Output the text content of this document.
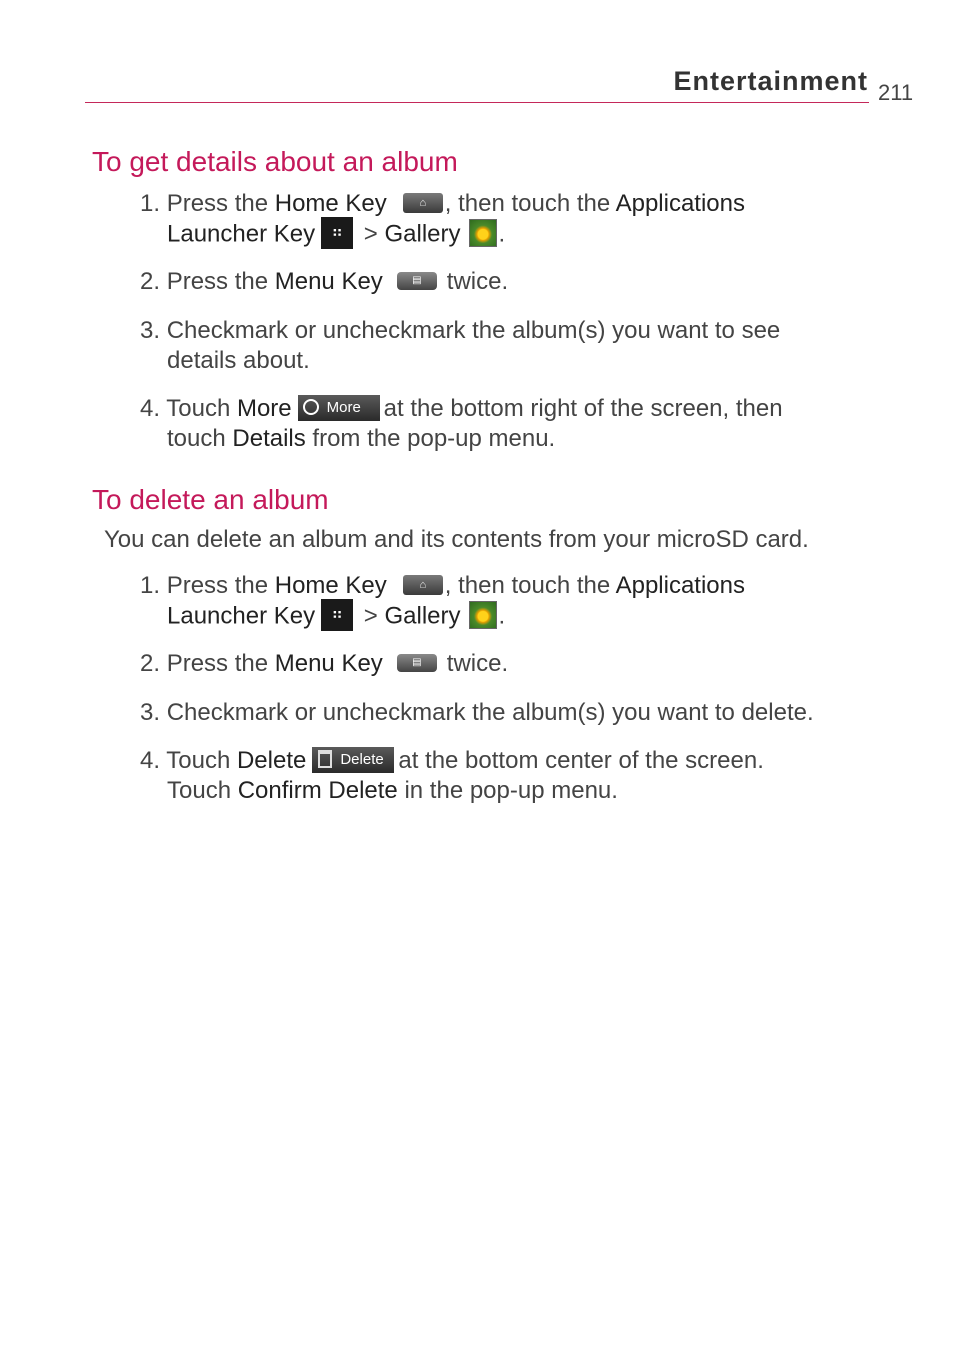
Entertainment 211
To get details about an album
1. Press the Home Key	⌂ , then touch the Applications
Launcher Key ⠶ > Gallery .
2. Press the Menu Key	▤ twice.
3. Checkmark or uncheckmark the album(s) you want to see
details about.
4. Touch More More at the bottom right of the screen, then
touch Details from the pop-up menu.
To delete an album
You can delete an album and its contents from your microSD card.
1. Press the Home Key	⌂ , then touch the Applications
Launcher Key ⠶ > Gallery .
2. Press the Menu Key	▤ twice.
3. Checkmark or uncheckmark the album(s) you want to delete.
4. Touch Delete Delete at the bottom center of the screen.
Touch Confirm Delete in the pop-up menu.
